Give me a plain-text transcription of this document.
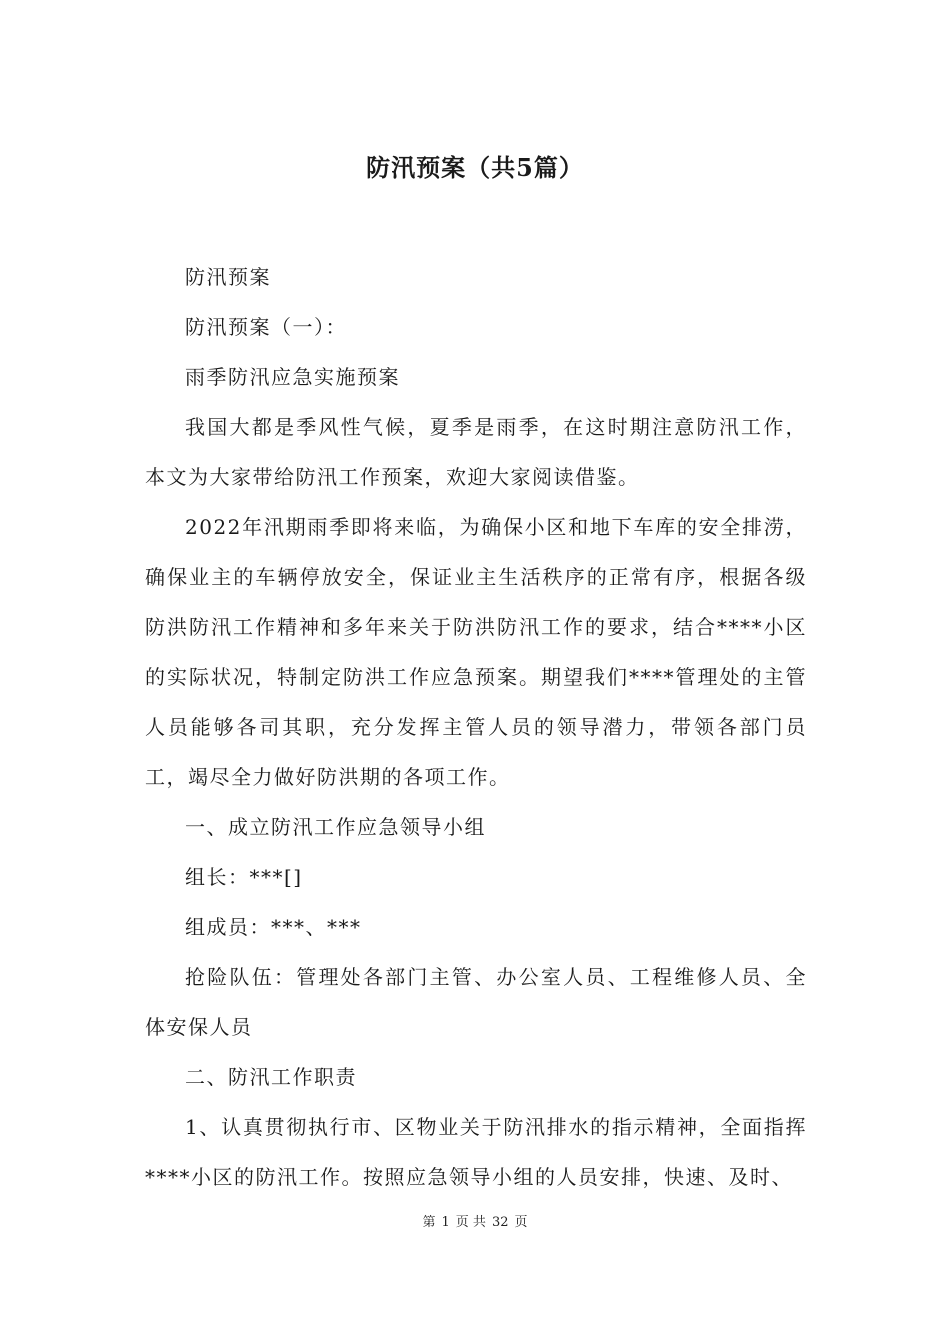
防汛预案（共5篇）

防汛预案

防汛预案（一）：

雨季防汛应急实施预案

我国大都是季风性气候，夏季是雨季，在这时期注意防汛工作，本文为大家带给防汛工作预案，欢迎大家阅读借鉴。

2022年汛期雨季即将来临，为确保小区和地下车库的安全排涝，确保业主的车辆停放安全，保证业主生活秩序的正常有序，根据各级防洪防汛工作精神和多年来关于防洪防汛工作的要求，结合****小区的实际状况，特制定防洪工作应急预案。期望我们****管理处的主管人员能够各司其职，充分发挥主管人员的领导潜力，带领各部门员工，竭尽全力做好防洪期的各项工作。

一、成立防汛工作应急领导小组

组长：***[]

组成员：***、***

抢险队伍：管理处各部门主管、办公室人员、工程维修人员、全体安保人员

二、防汛工作职责

1、认真贯彻执行市、区物业关于防汛排水的指示精神，全面指挥****小区的防汛工作。按照应急领导小组的人员安排，快速、及时、

第 1 页 共 32 页
